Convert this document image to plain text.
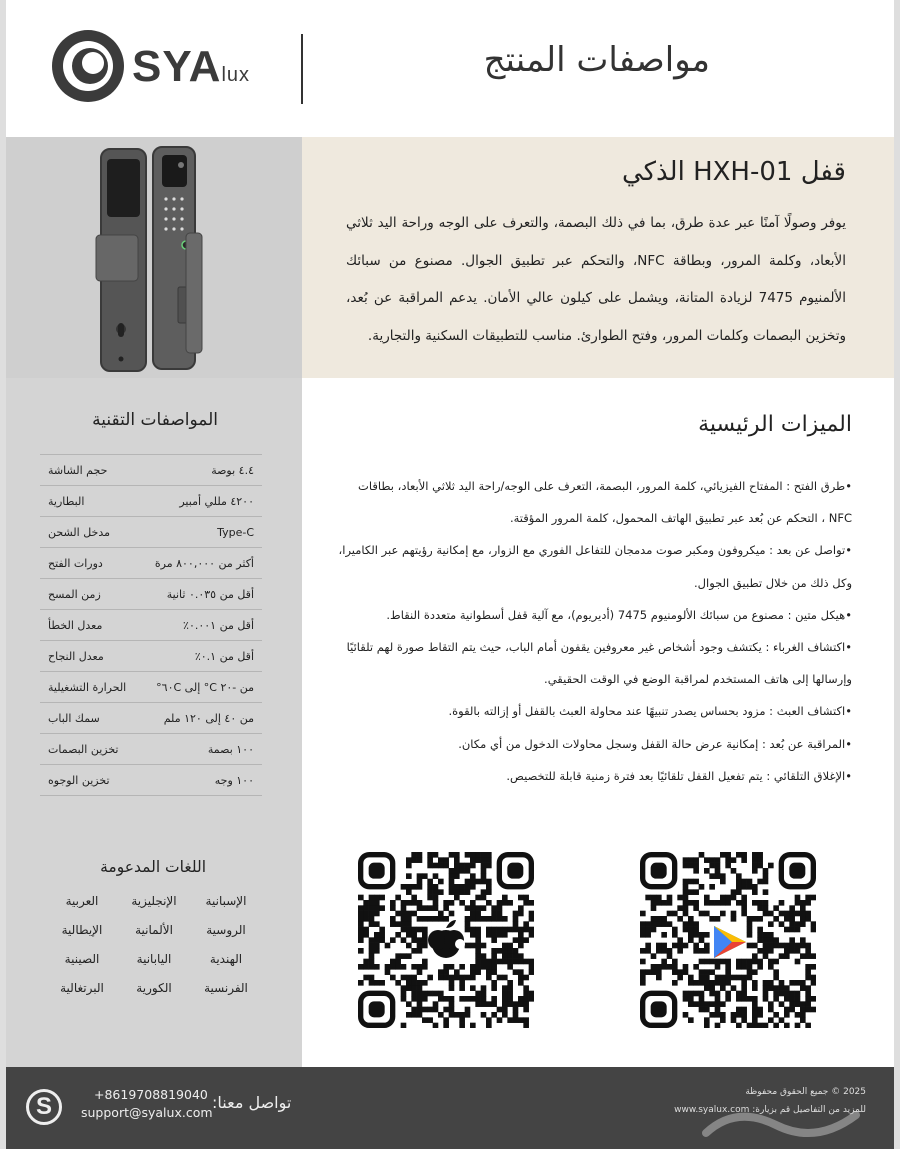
SYAlux	مواصفات المنتج
قفل HXH-01 الذكي
يوفر وصولًا آمنًا عبر عدة طرق، بما في ذلك البصمة، والتعرف على الوجه وراحة اليد ثلاثي الأبعاد، وكلمة المرور، وبطاقة NFC، والتحكم عبر تطبيق الجوال. مصنوع من سبائك الألمنيوم 7475 لزيادة المتانة، ويشمل على كيلون عالي الأمان. يدعم المراقبة عن بُعد، وتخزين البصمات وكلمات المرور، وفتح الطوارئ. مناسب للتطبيقات السكنية والتجارية.
المواصفات التقنية
حجم الشاشة	٤.٤ بوصة
البطارية	٤٢٠٠ مللي أمبير
مدخل الشحن	Type-C
دورات الفتح	أكثر من ٨٠٠,٠٠٠ مرة
زمن المسح	أقل من ٠.٠٣٥ ثانية
معدل الخطأ	أقل من ٠.٠٠١٪
معدل النجاح	أقل من ٠.١٪
الحرارة التشغيلية	من -٢٠ C° إلى ٦٠C°
سمك الباب	من ٤٠ إلى ١٢٠ ملم
تخزين البصمات	١٠٠ بصمة
تخزين الوجوه	١٠٠ وجه
اللغات المدعومة
الإسبانية
الإنجليزية
العربية
الروسية
الألمانية
الإيطالية
الهندية
اليابانية
الصينية
الفرنسية
الكورية
البرتغالية
الميزات الرئيسية

•طرق الفتح : المفتاح الفيزيائي، كلمة المرور، البصمة، التعرف على الوجه/راحة اليد ثلاثي الأبعاد، بطاقات NFC ، التحكم عن بُعد عبر تطبيق الهاتف المحمول، كلمة المرور المؤقتة.

•تواصل عن بعد : ميكروفون ومكبر صوت مدمجان للتفاعل الفوري مع الزوار، مع إمكانية رؤيتهم عبر الكاميرا، وكل ذلك من خلال تطبيق الجوال.

•هيكل متين : مصنوع من سبائك الألومنيوم 7475 (أديريوم)، مع آلية قفل أسطوانية متعددة النقاط.

•اكتشاف الغرباء : يكتشف وجود أشخاص غير معروفين يقفون أمام الباب، حيث يتم التقاط صورة لهم تلقائيًا وإرسالها إلى هاتف المستخدم لمراقبة الوضع في الوقت الحقيقي.

•اكتشاف العبث : مزود بحساس يصدر تنبيهًا عند محاولة العبث بالقفل أو إزالته بالقوة.

•المراقبة عن بُعد : إمكانية عرض حالة القفل وسجل محاولات الدخول من أي مكان.

•الإغلاق التلقائي : يتم تفعيل القفل تلقائيًا بعد فترة زمنية قابلة للتخصيص.

S	+8619708819040
support@syalux.com
تواصل معنا:
2025 © جميع الحقوق محفوظة
للمزيد من التفاصيل قم بزيارة: www.syalux.com
